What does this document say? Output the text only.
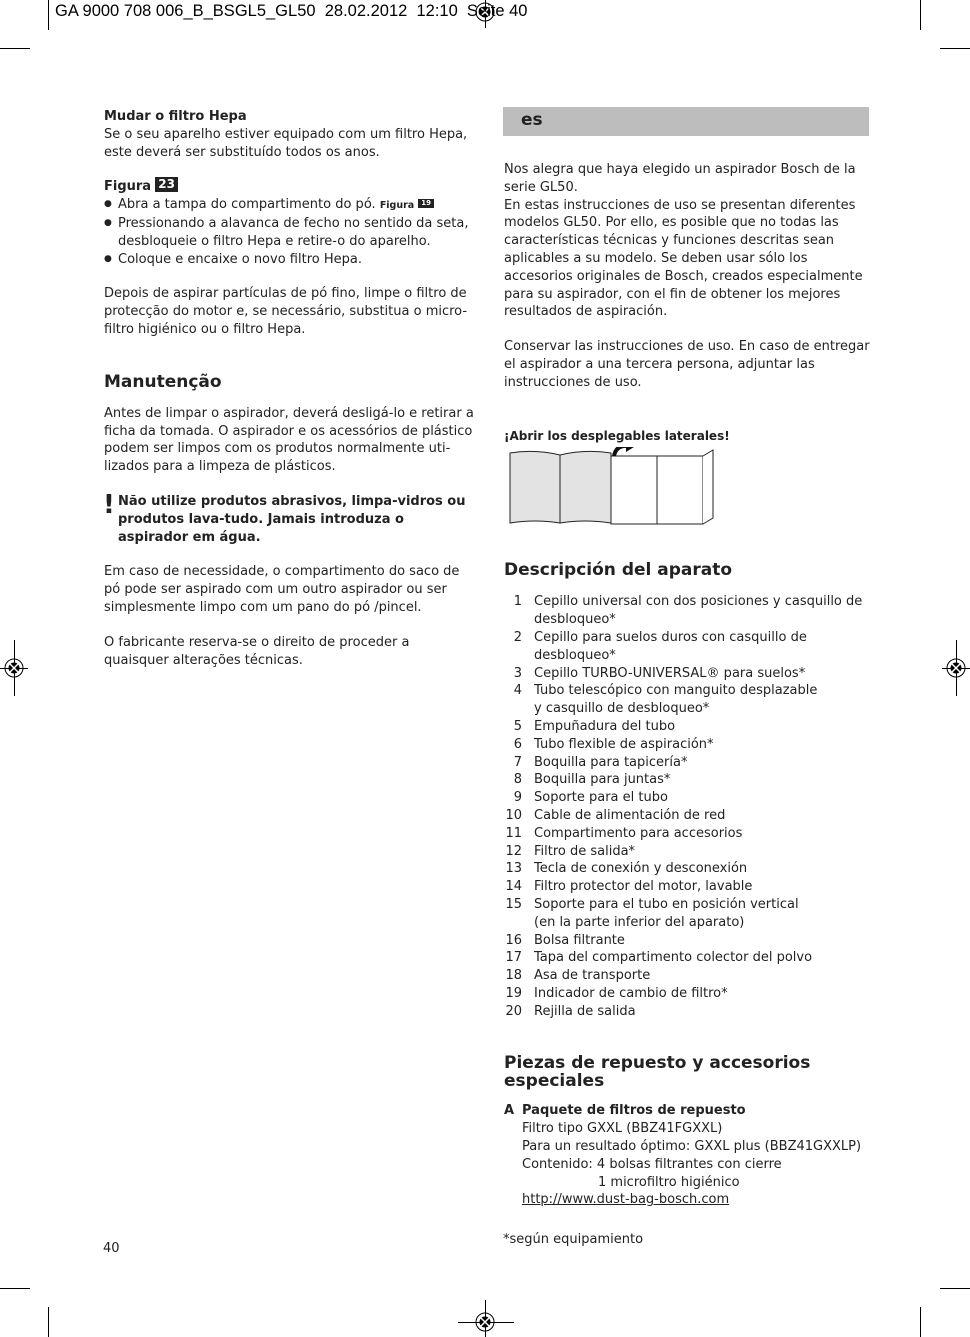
GA 9000 708 006_B_BSGL5_GL50  28.02.2012  12:10  Seite 40

Mudar o filtro Hepa

Se o seu aparelho estiver equipado com um filtro Hepa, este deverá ser substituído todos os anos.

Figura 23

● Abra a tampa do compartimento do pó. Figura 19
● Pressionando a alavanca de fecho no sentido da seta, desbloqueie o filtro Hepa e retire-o do aparelho.
● Coloque e encaixe o novo filtro Hepa.

Depois de aspirar partículas de pó fino, limpe o filtro de protecção do motor e, se necessário, substitua o micro-filtro higiénico ou o filtro Hepa.

Manutenção

Antes de limpar o aspirador, deverá desligá-lo e retirar a ficha da tomada. O aspirador e os acessórios de plástico podem ser limpos com os produtos normalmente uti-lizados para a limpeza de plásticos.

! Não utilize produtos abrasivos, limpa-vidros ou produtos lava-tudo. Jamais introduza o aspirador em água.

Em caso de necessidade, o compartimento do saco de pó pode ser aspirado com um outro aspirador ou ser simplesmente limpo com um pano do pó /pincel.

O fabricante reserva-se o direito de proceder a quaisquer alterações técnicas.

40
es

Nos alegra que haya elegido un aspirador Bosch de la serie GL50.

En estas instrucciones de uso se presentan diferentes modelos GL50. Por ello, es posible que no todas las características técnicas y funciones descritas sean aplicables a su modelo. Se deben usar sólo los accesorios originales de Bosch, creados especialmente para su aspirador, con el fin de obtener los mejores resultados de aspiración.

Conservar las instrucciones de uso. En caso de entregar el aspirador a una tercera persona, adjuntar las instrucciones de uso.

¡Abrir los desplegables laterales!

Descripción del aparato
1 Cepillo universal con dos posiciones y casquillo de desbloqueo*
2 Cepillo para suelos duros con casquillo de desbloqueo*
3 Cepillo TURBO-UNIVERSAL® para suelos*
4 Tubo telescópico con manguito desplazable y casquillo de desbloqueo*
5 Empuñadura del tubo
6 Tubo flexible de aspiración*
7 Boquilla para tapicería*
8 Boquilla para juntas*
9 Soporte para el tubo
10 Cable de alimentación de red
11 Compartimento para accesorios
12 Filtro de salida*
13 Tecla de conexión y desconexión
14 Filtro protector del motor, lavable
15 Soporte para el tubo en posición vertical (en la parte inferior del aparato)
16 Bolsa filtrante
17 Tapa del compartimento colector del polvo
18 Asa de transporte
19 Indicador de cambio de filtro*
20 Rejilla de salida
Piezas de repuesto y accesorios especiales
A Paquete de filtros de repuesto

Filtro tipo GXXL (BBZ41FGXXL)

Para un resultado óptimo: GXXL plus (BBZ41GXXLP)

Contenido: 4 bolsas filtrantes con cierre

1 microfiltro higiénico

http://www.dust-bag-bosch.com
*según equipamiento
